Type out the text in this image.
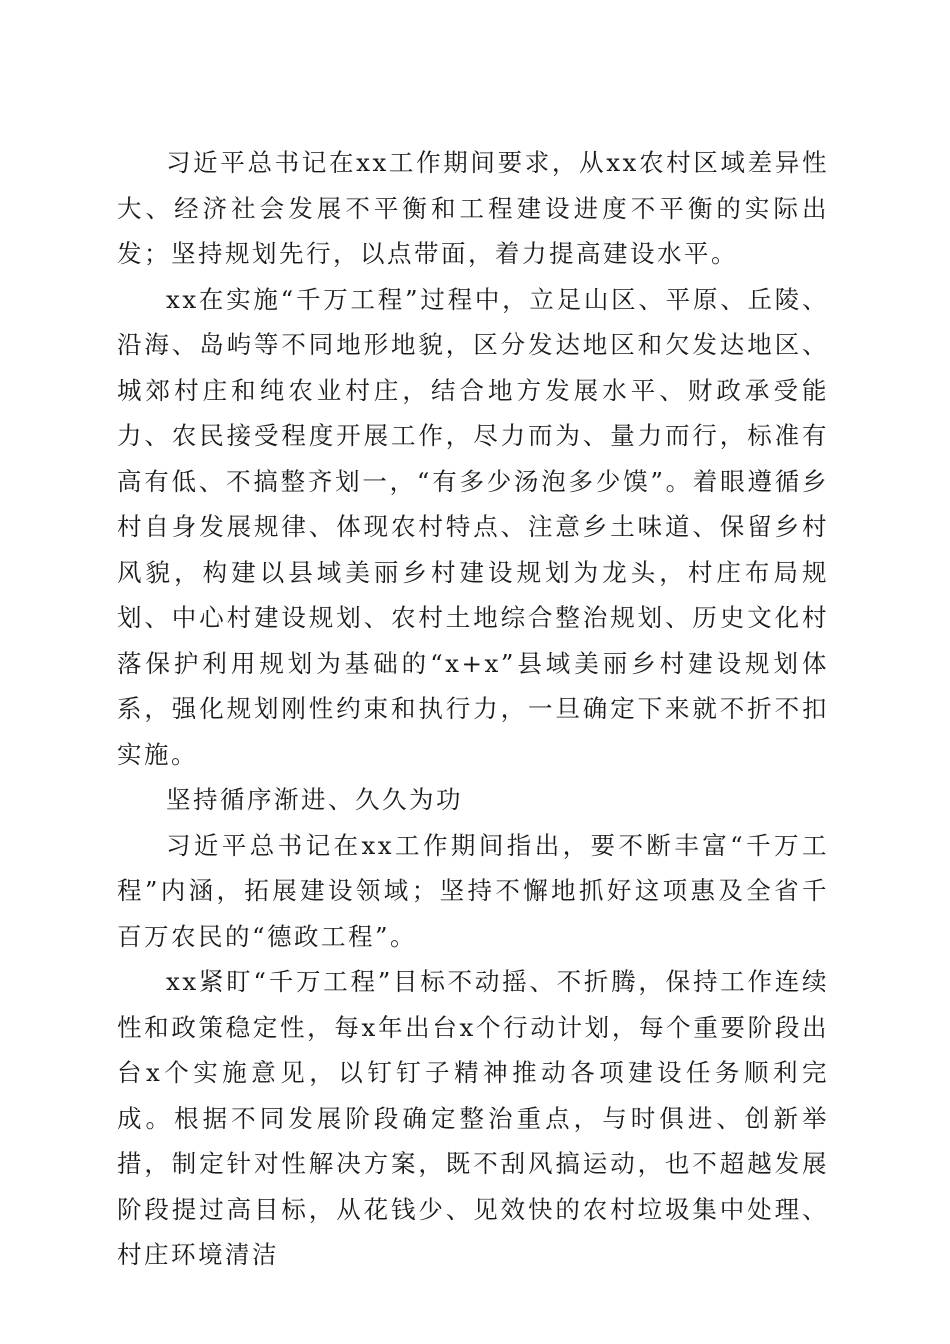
习近平总书记在xx工作期间要求，从xx农村区域差异性大、经济社会发展不平衡和工程建设进度不平衡的实际出发；坚持规划先行，以点带面，着力提高建设水平。

xx在实施“千万工程”过程中，立足山区、平原、丘陵、沿海、岛屿等不同地形地貌，区分发达地区和欠发达地区、城郊村庄和纯农业村庄，结合地方发展水平、财政承受能力、农民接受程度开展工作，尽力而为、量力而行，标准有高有低、不搞整齐划一，“有多少汤泡多少馍”。着眼遵循乡村自身发展规律、体现农村特点、注意乡土味道、保留乡村风貌，构建以县域美丽乡村建设规划为龙头，村庄布局规划、中心村建设规划、农村土地综合整治规划、历史文化村落保护利用规划为基础的“x+x”县域美丽乡村建设规划体系，强化规划刚性约束和执行力，一旦确定下来就不折不扣实施。

坚持循序渐进、久久为功

习近平总书记在xx工作期间指出，要不断丰富“千万工程”内涵，拓展建设领域；坚持不懈地抓好这项惠及全省千百万农民的“德政工程”。

xx紧盯“千万工程”目标不动摇、不折腾，保持工作连续性和政策稳定性，每x年出台x个行动计划，每个重要阶段出台x个实施意见，以钉钉子精神推动各项建设任务顺利完成。根据不同发展阶段确定整治重点，与时俱进、创新举措，制定针对性解决方案，既不刮风搞运动，也不超越发展阶段提过高目标，从花钱少、见效快的农村垃圾集中处理、村庄环境清洁
